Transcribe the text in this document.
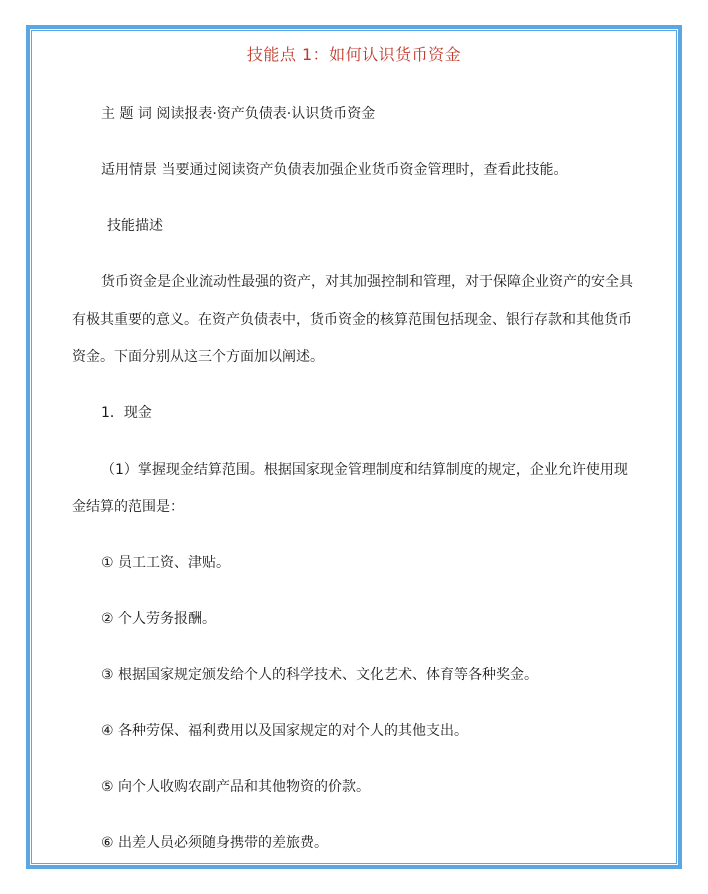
技能点 1：如何认识货币资金
主 题 词 阅读报表·资产负债表·认识货币资金
适用情景 当要通过阅读资产负债表加强企业货币资金管理时，查看此技能。
技能描述
货币资金是企业流动性最强的资产，对其加强控制和管理，对于保障企业资产的安全具
有极其重要的意义。在资产负债表中，货币资金的核算范围包括现金、银行存款和其他货币
资金。下面分别从这三个方面加以阐述。
1．现金
（1）掌握现金结算范围。根据国家现金管理制度和结算制度的规定，企业允许使用现
金结算的范围是：
① 员工工资、津贴。
② 个人劳务报酬。
③ 根据国家规定颁发给个人的科学技术、文化艺术、体育等各种奖金。
④ 各种劳保、福利费用以及国家规定的对个人的其他支出。
⑤ 向个人收购农副产品和其他物资的价款。
⑥ 出差人员必须随身携带的差旅费。
